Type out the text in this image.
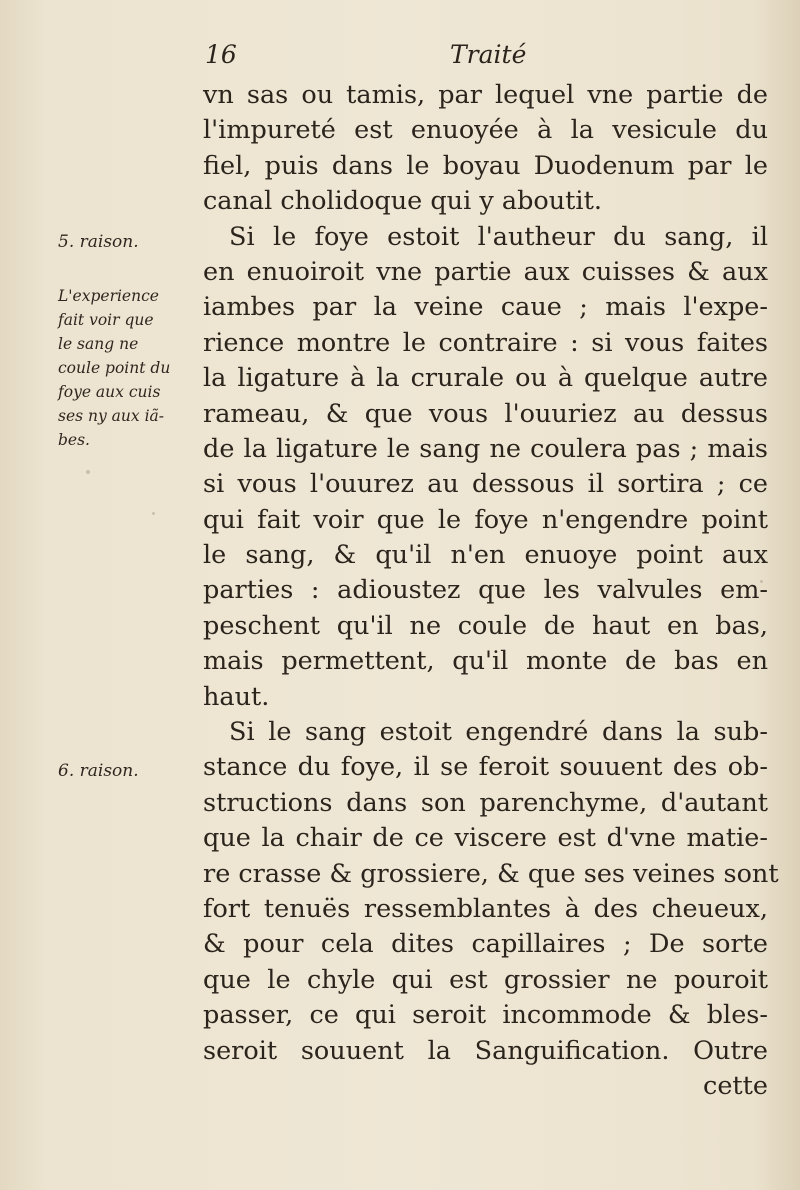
16	Traité
5. raison.
L'experience
fait voir que
le sang ne
coule point du
foye aux cuis
ses ny aux iã-
bes.
6. raison.
vn sas ou tamis, par lequel vne partie de
l'impureté est enuoyée à la vesicule du
fiel, puis dans le boyau Duodenum par le
canal cholidoque qui y aboutit.
Si le foye estoit l'autheur du sang, il
en enuoiroit vne partie aux cuisses & aux
iambes par la veine caue ; mais l'expe-
rience montre le contraire : si vous faites
la ligature à la crurale ou à quelque autre
rameau, & que vous l'ouuriez au dessus
de la ligature le sang ne coulera pas ; mais
si vous l'ouurez au dessous il sortira ; ce
qui fait voir que le foye n'engendre point
le sang, & qu'il n'en enuoye point aux
parties : adioustez que les valvules em-
peschent qu'il ne coule de haut en bas,
mais permettent, qu'il monte de bas en
haut.
Si le sang estoit engendré dans la sub-
stance du foye, il se feroit souuent des ob-
structions dans son parenchyme, d'autant
que la chair de ce viscere est d'vne matie-
re crasse & grossiere, & que ses veines sont
fort tenuës ressemblantes à des cheueux,
& pour cela dites capillaires ; De sorte
que le chyle qui est grossier ne pouroit
passer, ce qui seroit incommode & bles-
seroit souuent la Sanguification. Outre
cette
